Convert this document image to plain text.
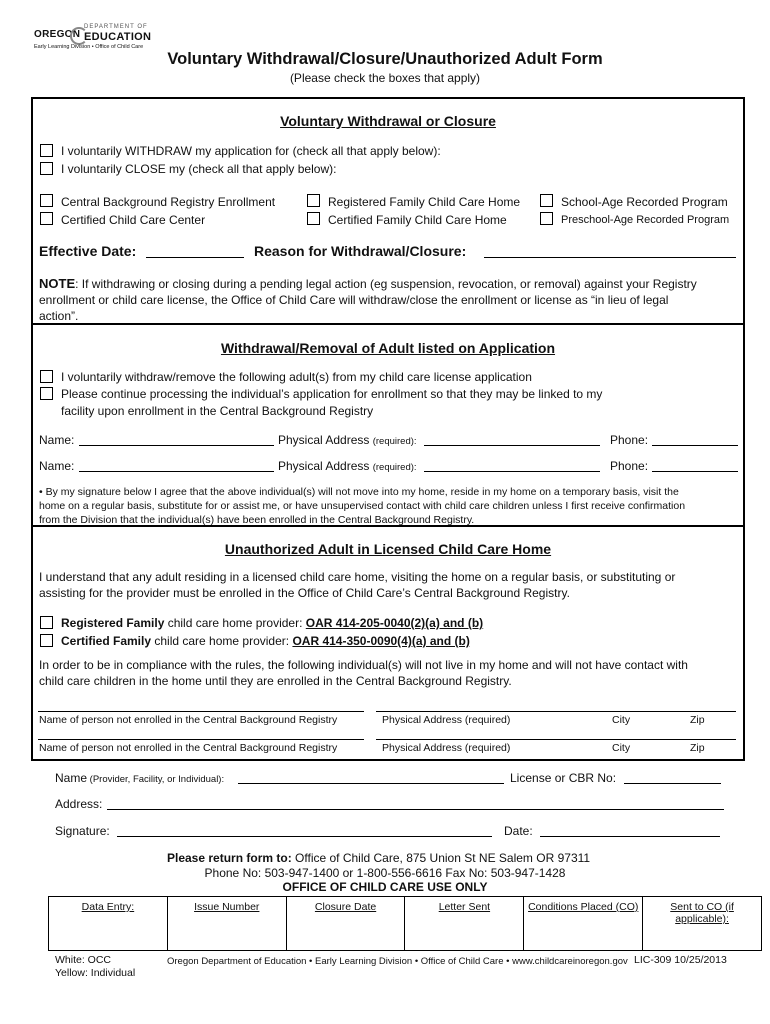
OREGON
DEPARTMENT OF
EDUCATION
Early Learning Division • Office of Child Care
Voluntary Withdrawal/Closure/Unauthorized Adult Form
(Please check the boxes that apply)
Voluntary Withdrawal or Closure
I voluntarily WITHDRAW my application for (check all that apply below):
I voluntarily CLOSE my (check all that apply below):
Central Background Registry Enrollment
Certified Child Care Center
Registered Family Child Care Home
Certified Family Child Care Home
School-Age Recorded Program
Preschool-Age Recorded Program
Effective Date:	Reason for Withdrawal/Closure:
NOTE: If withdrawing or closing during a pending legal action (eg suspension, revocation, or removal) against your Registry
enrollment or child care license, the Office of Child Care will withdraw/close the enrollment or license as “in lieu of legal
action”.
Withdrawal/Removal of Adult listed on Application
I voluntarily withdraw/remove the following adult(s) from my child care license application
Please continue processing the individual’s application for enrollment so that they may be linked to my
facility upon enrollment in the Central Background Registry
Name:	Physical Address (required):	Phone:
Name:	Physical Address (required):	Phone:
• By my signature below I agree that the above individual(s) will not move into my home, reside in my home on a temporary basis, visit the
home on a regular basis, substitute for or assist me, or have unsupervised contact with child care children unless I first receive confirmation
from the Division that the individual(s) have been enrolled in the Central Background Registry.
Unauthorized Adult in Licensed Child Care Home
I understand that any adult residing in a licensed child care home, visiting the home on a regular basis, or substituting or
assisting for the provider must be enrolled in the Office of Child Care’s Central Background Registry.
Registered Family child care home provider: OAR 414-205-0040(2)(a) and (b)
Certified Family child care home provider: OAR 414-350-0090(4)(a) and (b)
In order to be in compliance with the rules, the following individual(s) will not live in my home and will not have contact with
child care children in the home until they are enrolled in the Central Background Registry.
Name of person not enrolled in the Central Background Registry	Physical Address (required)	City	Zip
Name of person not enrolled in the Central Background Registry	Physical Address (required)	City	Zip
Name (Provider, Facility, or Individual):	License or CBR No:
Address:
Signature:	Date:
Please return form to: Office of Child Care, 875 Union St NE Salem OR 97311
Phone No: 503-947-1400 or 1-800-556-6616 Fax No: 503-947-1428
OFFICE OF CHILD CARE USE ONLY
Data Entry:	Issue Number	Closure Date	Letter Sent	Conditions Placed (CO)	Sent to CO (if applicable):
White: OCC
Yellow: Individual
Oregon Department of Education • Early Learning Division • Office of Child Care • www.childcareinoregon.gov LIC-309 10/25/2013
